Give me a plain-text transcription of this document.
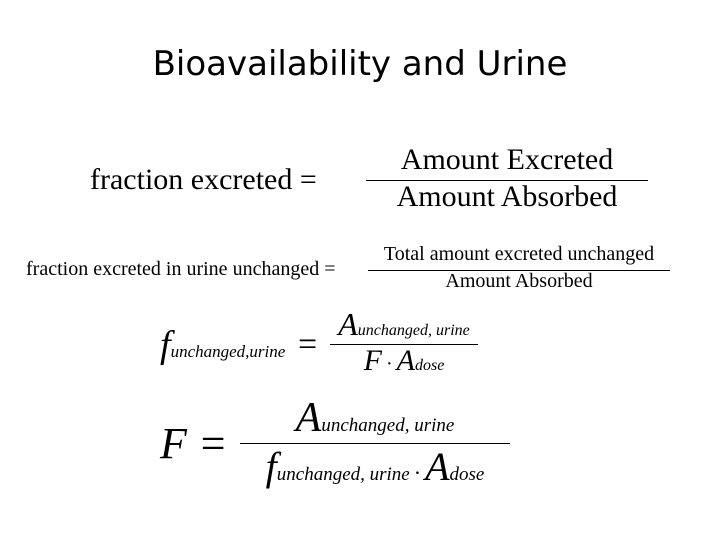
Bioavailability and Urine
fraction excreted =
Amount Excreted
Amount Absorbed
fraction excreted in urine unchanged =
Total amount excreted unchanged
Amount Absorbed
funchanged,urine =
Aunchanged, urine
F · Adose
F =
Aunchanged, urine
funchanged, urine · Adose
